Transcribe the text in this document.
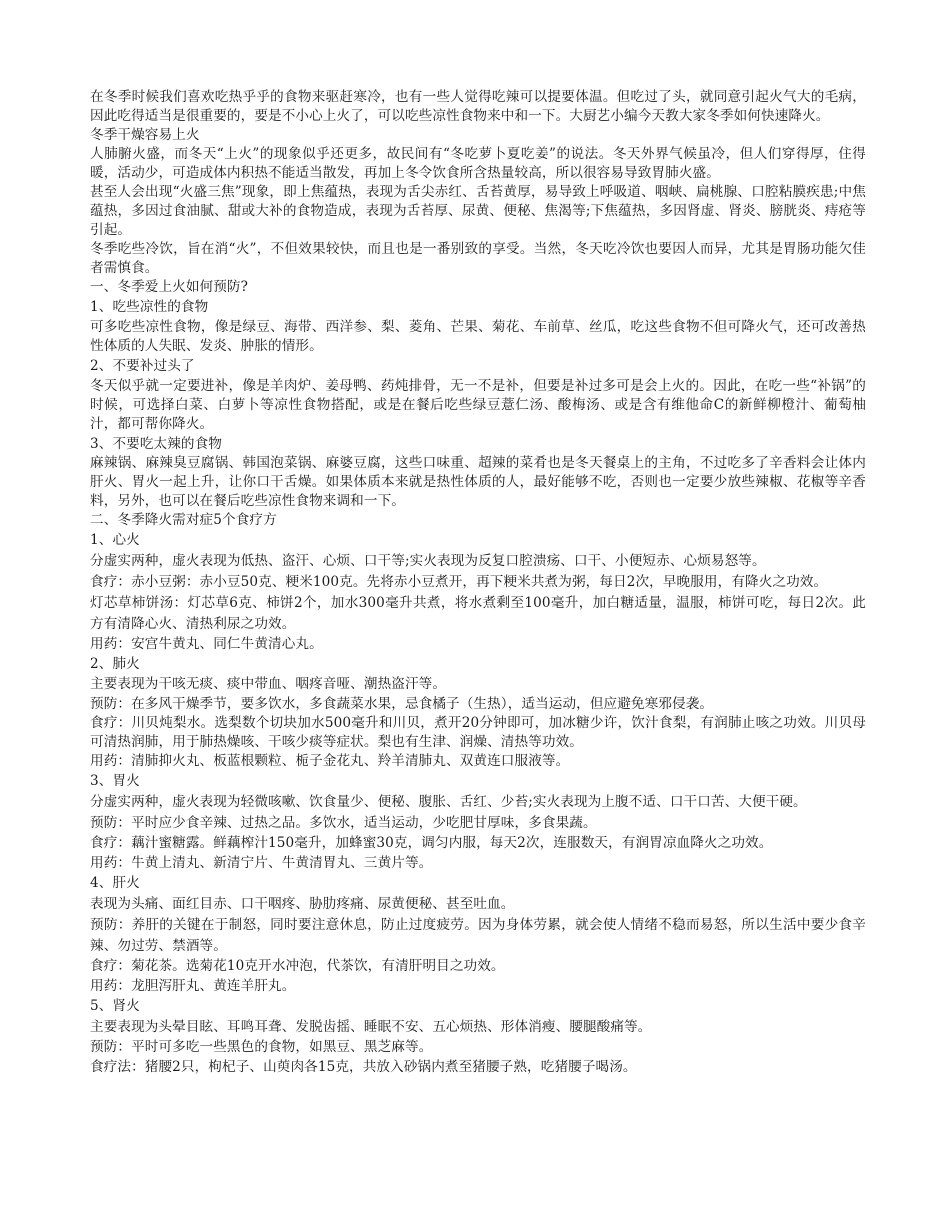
在冬季时候我们喜欢吃热乎乎的食物来驱赶寒冷，也有一些人觉得吃辣可以提要体温。但吃过了头，就同意引起火气大的毛病，因此吃得适当是很重要的，要是不小心上火了，可以吃些凉性食物来中和一下。大厨艺小编今天教大家冬季如何快速降火。

冬季干燥容易上火

人肺腑火盛，而冬天“上火”的现象似乎还更多，故民间有“冬吃萝卜夏吃姜”的说法。冬天外界气候虽冷，但人们穿得厚，住得暖，活动少，可造成体内积热不能适当散发，再加上冬令饮食所含热量较高，所以很容易导致胃肺火盛。

甚至人会出现“火盛三焦”现象，即上焦蕴热，表现为舌尖赤红、舌苔黄厚，易导致上呼吸道、咽峡、扁桃腺、口腔粘膜疾患;中焦蕴热，多因过食油腻、甜或大补的食物造成，表现为舌苔厚、尿黄、便秘、焦渴等;下焦蕴热，多因肾虚、肾炎、膀胱炎、痔疮等引起。

冬季吃些冷饮，旨在消“火”，不但效果较快，而且也是一番别致的享受。当然，冬天吃冷饮也要因人而异，尤其是胃肠功能欠佳者需慎食。

一、冬季爱上火如何预防?

1、吃些凉性的食物

可多吃些凉性食物，像是绿豆、海带、西洋参、梨、菱角、芒果、菊花、车前草、丝瓜，吃这些食物不但可降火气，还可改善热性体质的人失眠、发炎、肿胀的情形。

2、不要补过头了

冬天似乎就一定要进补，像是羊肉炉、姜母鸭、药炖排骨，无一不是补，但要是补过多可是会上火的。因此，在吃一些“补锅”的时候，可选择白菜、白萝卜等凉性食物搭配，或是在餐后吃些绿豆薏仁汤、酸梅汤、或是含有维他命C的新鲜柳橙汁、葡萄柚汁，都可帮你降火。

3、不要吃太辣的食物

麻辣锅、麻辣臭豆腐锅、韩国泡菜锅、麻婆豆腐，这些口味重、超辣的菜肴也是冬天餐桌上的主角，不过吃多了辛香料会让体内肝火、胃火一起上升，让你口干舌燥。如果体质本来就是热性体质的人，最好能够不吃，否则也一定要少放些辣椒、花椒等辛香料，另外，也可以在餐后吃些凉性食物来调和一下。

二、冬季降火需对症5个食疗方

1、心火

分虚实两种，虚火表现为低热、盗汗、心烦、口干等;实火表现为反复口腔溃疡、口干、小便短赤、心烦易怒等。

食疗：赤小豆粥：赤小豆50克、粳米100克。先将赤小豆煮开，再下粳米共煮为粥，每日2次，早晚服用，有降火之功效。

灯芯草柿饼汤：灯芯草6克、柿饼2个，加水300毫升共煮，将水煮剩至100毫升，加白糖适量，温服，柿饼可吃，每日2次。此方有清降心火、清热利尿之功效。

用药：安宫牛黄丸、同仁牛黄清心丸。

2、肺火

主要表现为干咳无痰、痰中带血、咽疼音哑、潮热盗汗等。

预防：在多风干燥季节，要多饮水，多食蔬菜水果，忌食橘子（生热），适当运动，但应避免寒邪侵袭。

食疗：川贝炖梨水。选梨数个切块加水500毫升和川贝，煮开20分钟即可，加冰糖少许，饮汁食梨，有润肺止咳之功效。川贝母可清热润肺，用于肺热燥咳、干咳少痰等症状。梨也有生津、润燥、清热等功效。

用药：清肺抑火丸、板蓝根颗粒、栀子金花丸、羚羊清肺丸、双黄连口服液等。

3、胃火

分虚实两种，虚火表现为轻微咳嗽、饮食量少、便秘、腹胀、舌红、少苔;实火表现为上腹不适、口干口苦、大便干硬。

预防：平时应少食辛辣、过热之品。多饮水，适当运动，少吃肥甘厚味，多食果蔬。

食疗：藕汁蜜糖露。鲜藕榨汁150毫升，加蜂蜜30克，调匀内服，每天2次，连服数天，有润胃凉血降火之功效。

用药：牛黄上清丸、新清宁片、牛黄清胃丸、三黄片等。

4、肝火

表现为头痛、面红目赤、口干咽疼、胁肋疼痛、尿黄便秘、甚至吐血。

预防：养肝的关键在于制怒，同时要注意休息，防止过度疲劳。因为身体劳累，就会使人情绪不稳而易怒，所以生活中要少食辛辣、勿过劳、禁酒等。

食疗：菊花茶。选菊花10克开水冲泡，代茶饮，有清肝明目之功效。

用药：龙胆泻肝丸、黄连羊肝丸。

5、肾火

主要表现为头晕目眩、耳鸣耳聋、发脱齿摇、睡眠不安、五心烦热、形体消瘦、腰腿酸痛等。

预防：平时可多吃一些黑色的食物，如黑豆、黑芝麻等。

食疗法：猪腰2只，枸杞子、山萸肉各15克，共放入砂锅内煮至猪腰子熟，吃猪腰子喝汤。
